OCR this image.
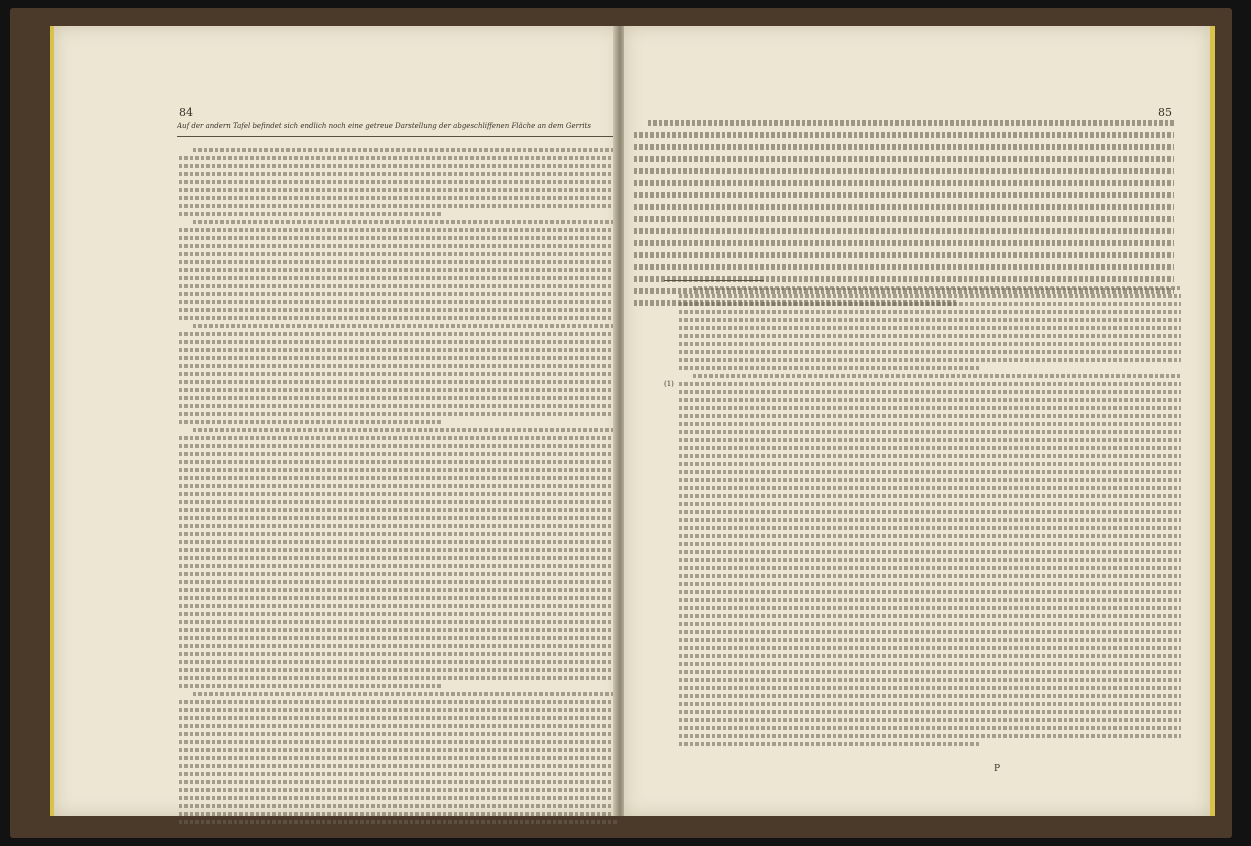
84
Auf der andern Tafel befindet sich endlich noch eine getreue Darstellung der abgeschliffenen Fläche an dem Gerrits
85
(1)
P
